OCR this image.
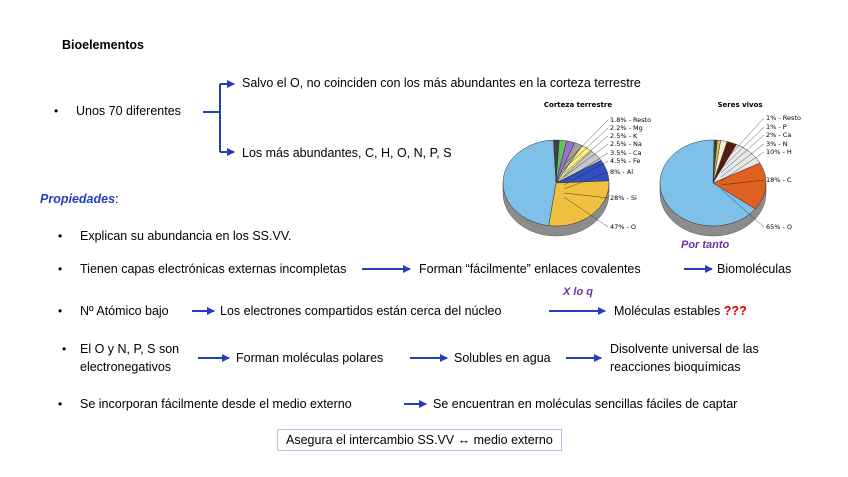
Bioelementos
• Unos 70 diferentes
Salvo el O, no coinciden con los más abundantes en la corteza terrestre
Los más abundantes, C, H, O, N, P, S
Propiedades:
• Explican su abundancia en los SS.VV.
• Tienen capas electrónicas externas incompletas	Forman “fácilmente” enlaces covalentes	Biomoléculas
• Nº Atómico bajo	Los electrones compartidos están cerca del núcleo
X lo q
Moléculas estables ???
• El O y N, P, S son
electronegativos
Forman moléculas polares	Solubles en agua
Disolvente universal de las
reacciones bioquímicas
• Se incorporan fácilmente desde el medio externo	Se encuentran en moléculas sencillas fáciles de captar
Por tanto
Asegura el intercambio SS.VV ↔ medio externo
Corteza terrestre
1.8% - Resto
2.2% - Mg
2.5% - K
2.5% - Na
3.5% - Ca
4.5% - Fe
8% - Al
28% - Si
47% - O
Seres vivos
1% - Resto
1% - P
2% - Ca
3% - N
10% - H
18% - C
65% - O
